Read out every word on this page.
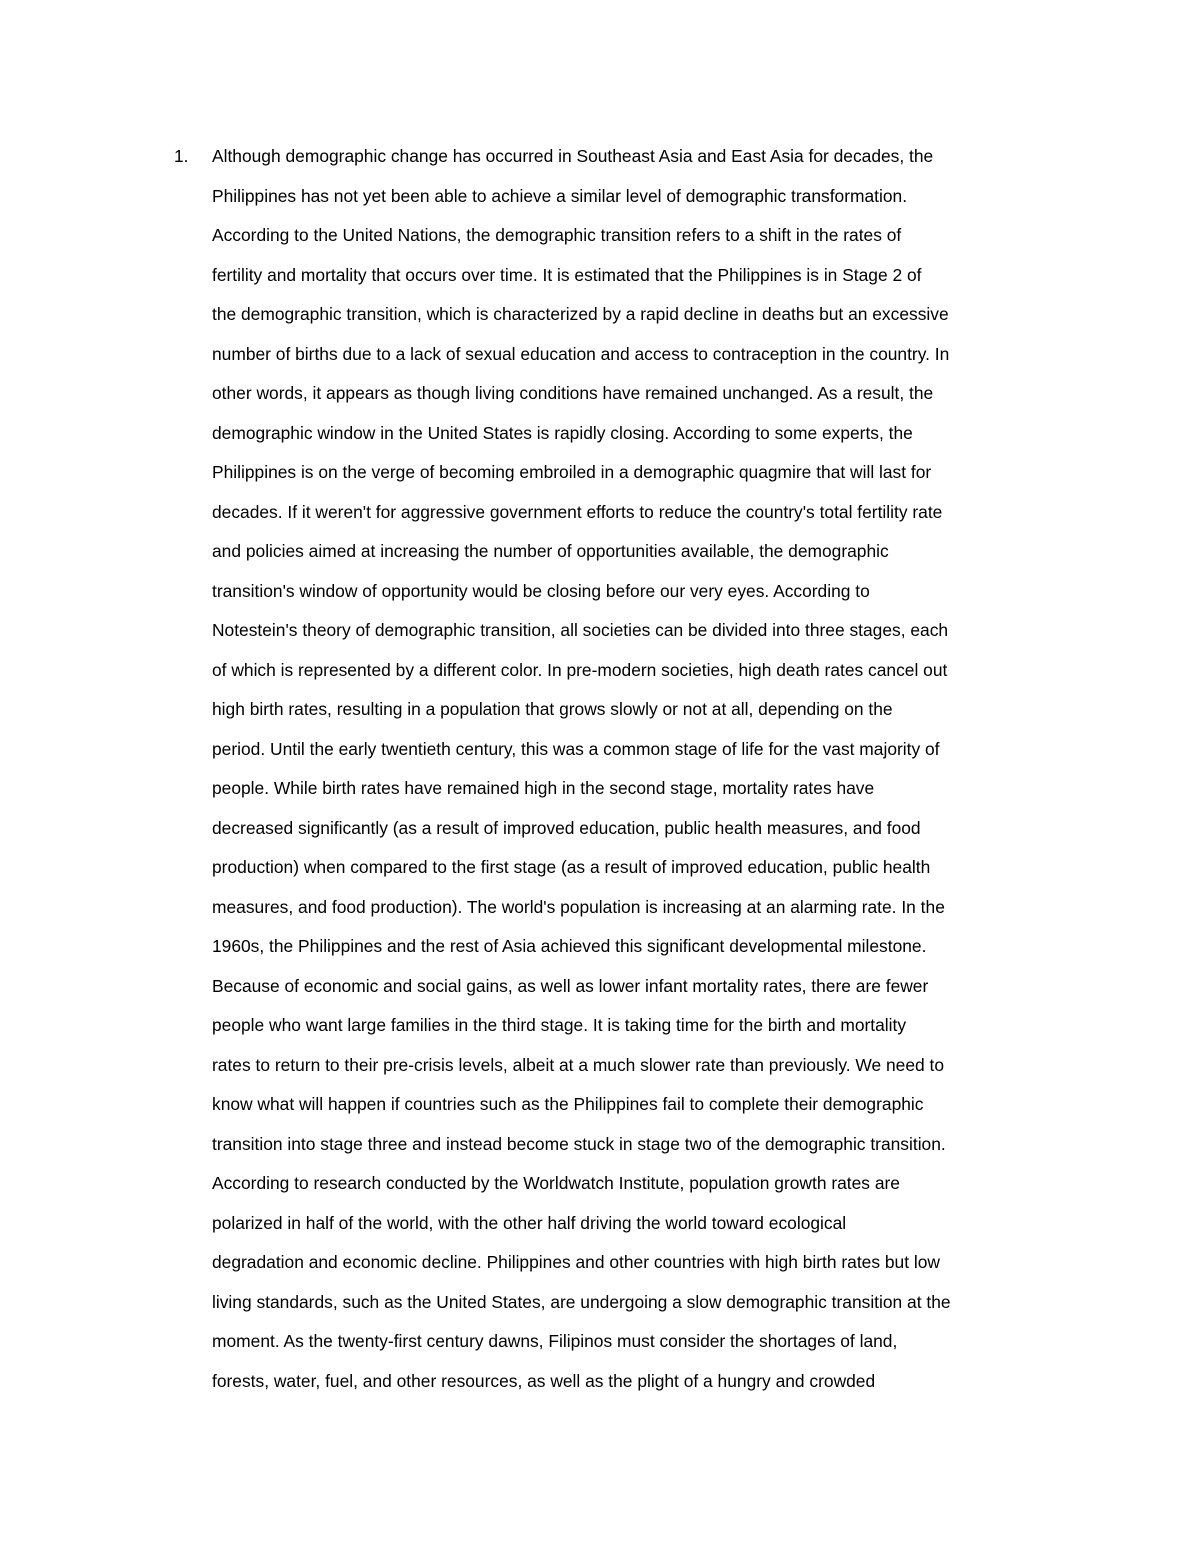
1. Although demographic change has occurred in Southeast Asia and East Asia for decades, the
Philippines has not yet been able to achieve a similar level of demographic transformation.
According to the United Nations, the demographic transition refers to a shift in the rates of
fertility and mortality that occurs over time. It is estimated that the Philippines is in Stage 2 of
the demographic transition, which is characterized by a rapid decline in deaths but an excessive
number of births due to a lack of sexual education and access to contraception in the country. In
other words, it appears as though living conditions have remained unchanged. As a result, the
demographic window in the United States is rapidly closing. According to some experts, the
Philippines is on the verge of becoming embroiled in a demographic quagmire that will last for
decades. If it weren't for aggressive government efforts to reduce the country's total fertility rate
and policies aimed at increasing the number of opportunities available, the demographic
transition's window of opportunity would be closing before our very eyes. According to
Notestein's theory of demographic transition, all societies can be divided into three stages, each
of which is represented by a different color. In pre-modern societies, high death rates cancel out
high birth rates, resulting in a population that grows slowly or not at all, depending on the
period. Until the early twentieth century, this was a common stage of life for the vast majority of
people. While birth rates have remained high in the second stage, mortality rates have
decreased significantly (as a result of improved education, public health measures, and food
production) when compared to the first stage (as a result of improved education, public health
measures, and food production). The world's population is increasing at an alarming rate. In the
1960s, the Philippines and the rest of Asia achieved this significant developmental milestone.
Because of economic and social gains, as well as lower infant mortality rates, there are fewer
people who want large families in the third stage. It is taking time for the birth and mortality
rates to return to their pre-crisis levels, albeit at a much slower rate than previously. We need to
know what will happen if countries such as the Philippines fail to complete their demographic
transition into stage three and instead become stuck in stage two of the demographic transition.
According to research conducted by the Worldwatch Institute, population growth rates are
polarized in half of the world, with the other half driving the world toward ecological
degradation and economic decline. Philippines and other countries with high birth rates but low
living standards, such as the United States, are undergoing a slow demographic transition at the
moment. As the twenty-first century dawns, Filipinos must consider the shortages of land,
forests, water, fuel, and other resources, as well as the plight of a hungry and crowded
